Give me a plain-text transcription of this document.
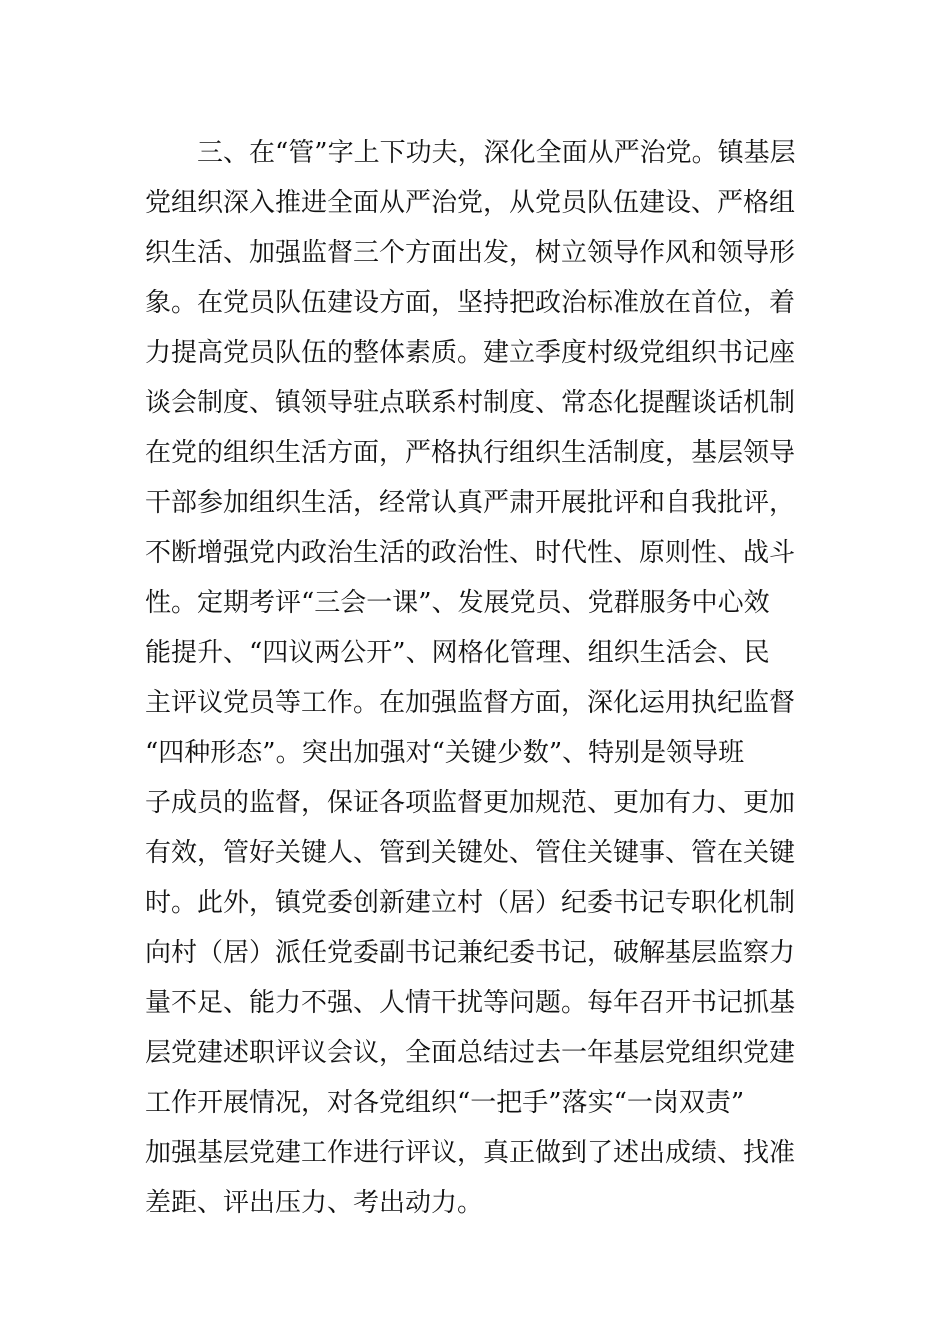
　　三、在“管”字上下功夫，深化全面从严治党。镇基层
党组织深入推进全面从严治党，从党员队伍建设、严格组
织生活、加强监督三个方面出发，树立领导作风和领导形
象。在党员队伍建设方面，坚持把政治标准放在首位，着
力提高党员队伍的整体素质。建立季度村级党组织书记座
谈会制度、镇领导驻点联系村制度、常态化提醒谈话机制
在党的组织生活方面，严格执行组织生活制度，基层领导
干部参加组织生活，经常认真严肃开展批评和自我批评，
不断增强党内政治生活的政治性、时代性、原则性、战斗
性。定期考评“三会一课”、发展党员、党群服务中心效
能提升、“四议两公开”、网格化管理、组织生活会、民
主评议党员等工作。在加强监督方面，深化运用执纪监督
“四种形态”。突出加强对“关键少数”、特别是领导班
子成员的监督，保证各项监督更加规范、更加有力、更加
有效，管好关键人、管到关键处、管住关键事、管在关键
时。此外，镇党委创新建立村（居）纪委书记专职化机制
向村（居）派任党委副书记兼纪委书记，破解基层监察力
量不足、能力不强、人情干扰等问题。每年召开书记抓基
层党建述职评议会议，全面总结过去一年基层党组织党建
工作开展情况，对各党组织“一把手”落实“一岗双责”
加强基层党建工作进行评议，真正做到了述出成绩、找准
差距、评出压力、考出动力。
